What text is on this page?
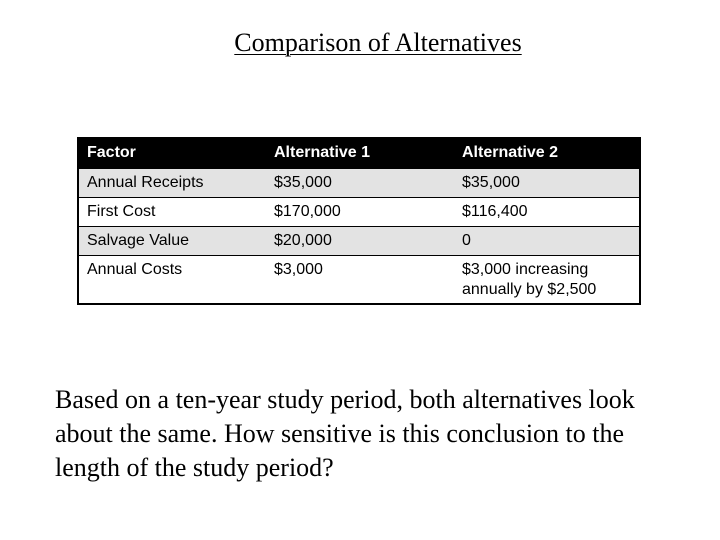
Comparison of Alternatives
Factor	Alternative 1	Alternative 2
Annual Receipts	$35,000	$35,000
First Cost	$170,000	$116,400
Salvage Value	$20,000	0
Annual Costs	$3,000	$3,000 increasing annually by $2,500
Based on a ten-year study period, both alternatives look about the same. How sensitive is this conclusion to the length of the study period?
